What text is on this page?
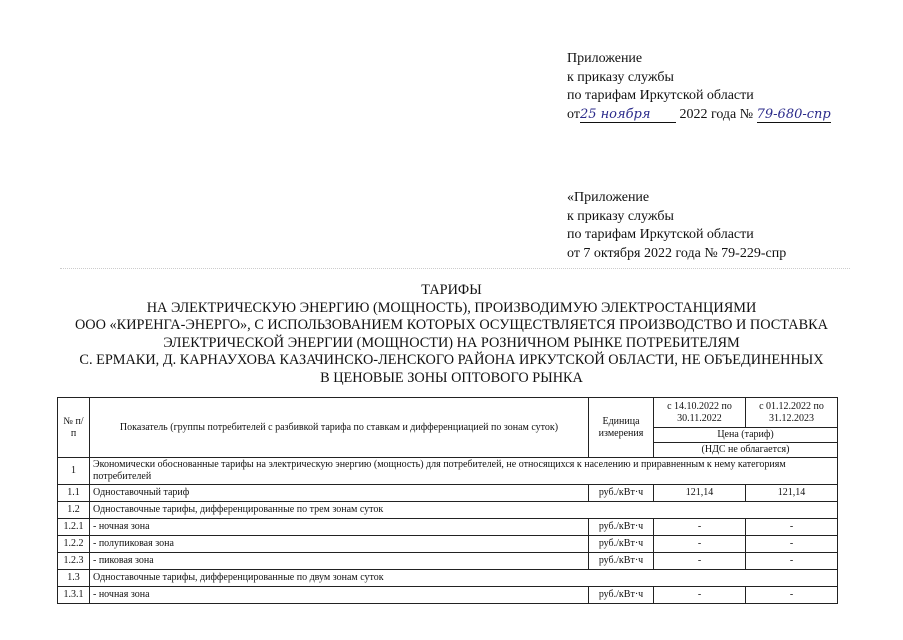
Приложение
к приказу службы
по тарифам Иркутской области
от25 ноября 2022 года № 79-680-спр
«Приложение
к приказу службы
по тарифам Иркутской области
от 7 октября 2022 года № 79-229-спр
ТАРИФЫ
НА ЭЛЕКТРИЧЕСКУЮ ЭНЕРГИЮ (МОЩНОСТЬ), ПРОИЗВОДИМУЮ ЭЛЕКТРОСТАНЦИЯМИ
ООО «КИРЕНГА-ЭНЕРГО», С ИСПОЛЬЗОВАНИЕМ КОТОРЫХ ОСУЩЕСТВЛЯЕТСЯ ПРОИЗВОДСТВО И ПОСТАВКА
ЭЛЕКТРИЧЕСКОЙ ЭНЕРГИИ (МОЩНОСТИ) НА РОЗНИЧНОМ РЫНКЕ ПОТРЕБИТЕЛЯМ
С. ЕРМАКИ, Д. КАРНАУХОВА КАЗАЧИНСКО-ЛЕНСКОГО РАЙОНА ИРКУТСКОЙ ОБЛАСТИ, НЕ ОБЪЕДИНЕННЫХ
В ЦЕНОВЫЕ ЗОНЫ ОПТОВОГО РЫНКА
№ п/п	Показатель (группы потребителей с разбивкой тарифа по ставкам и дифференциацией по зонам суток)	Единица измерения	с 14.10.2022 по 30.11.2022	с 01.12.2022 по 31.12.2023
			Цена (тариф)	
			(НДС не облагается)	
1	Экономически обоснованные тарифы на электрическую энергию (мощность) для потребителей, не относящихся к населению и приравненным к нему категориям потребителей			
1.1	Одноставочный тариф	руб./кВт·ч	121,14	121,14
1.2	Одноставочные тарифы, дифференцированные по трем зонам суток			
1.2.1	- ночная зона	руб./кВт·ч	-	-
1.2.2	- полупиковая зона	руб./кВт·ч	-	-
1.2.3	- пиковая зона	руб./кВт·ч	-	-
1.3	Одноставочные тарифы, дифференцированные по двум зонам суток			
1.3.1	- ночная зона	руб./кВт·ч	-	-
